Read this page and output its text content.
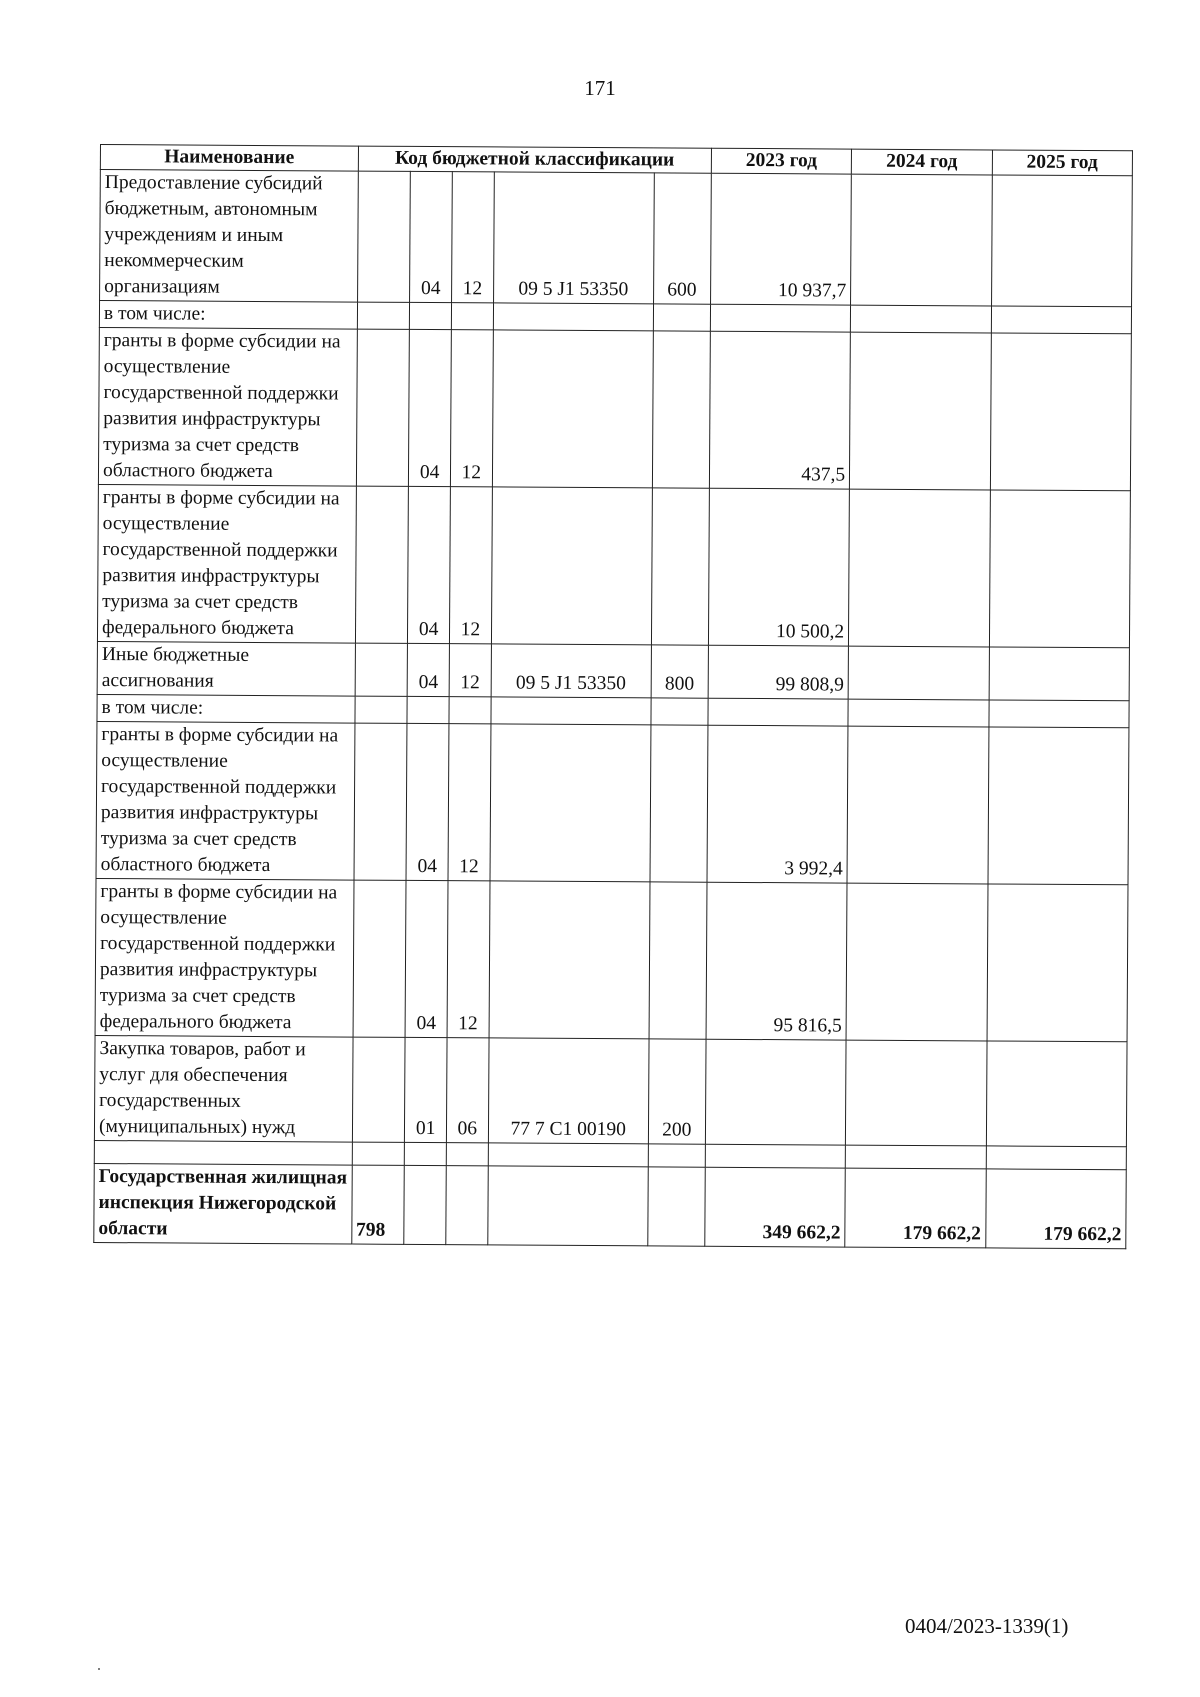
171
Наименование	Код бюджетной классификации					2023 год	2024 год	2025 год
Предоставление субсидий бюджетным, автономным учреждениям и иным некоммерческим организациям		04	12	09 5 J1 53350	600	10 937,7		
в том числе:								
гранты в форме субсидии на осуществление государственной поддержки развития инфраструктуры туризма за счет средств областного бюджета		04	12			437,5		
гранты в форме субсидии на осуществление государственной поддержки развития инфраструктуры туризма за счет средств федерального бюджета		04	12			10 500,2		
Иные бюджетные ассигнования		04	12	09 5 J1 53350	800	99 808,9		
в том числе:								
гранты в форме субсидии на осуществление государственной поддержки развития инфраструктуры туризма за счет средств областного бюджета		04	12			3 992,4		
гранты в форме субсидии на осуществление государственной поддержки развития инфраструктуры туризма за счет средств федерального бюджета		04	12			95 816,5		
Закупка товаров, работ и услуг для обеспечения государственных (муниципальных) нужд		01	06	77 7 C1 00190	200			

Государственная жилищная инспекция Нижегородской области	798					349 662,2	179 662,2	179 662,2
0404/2023-1339(1)
